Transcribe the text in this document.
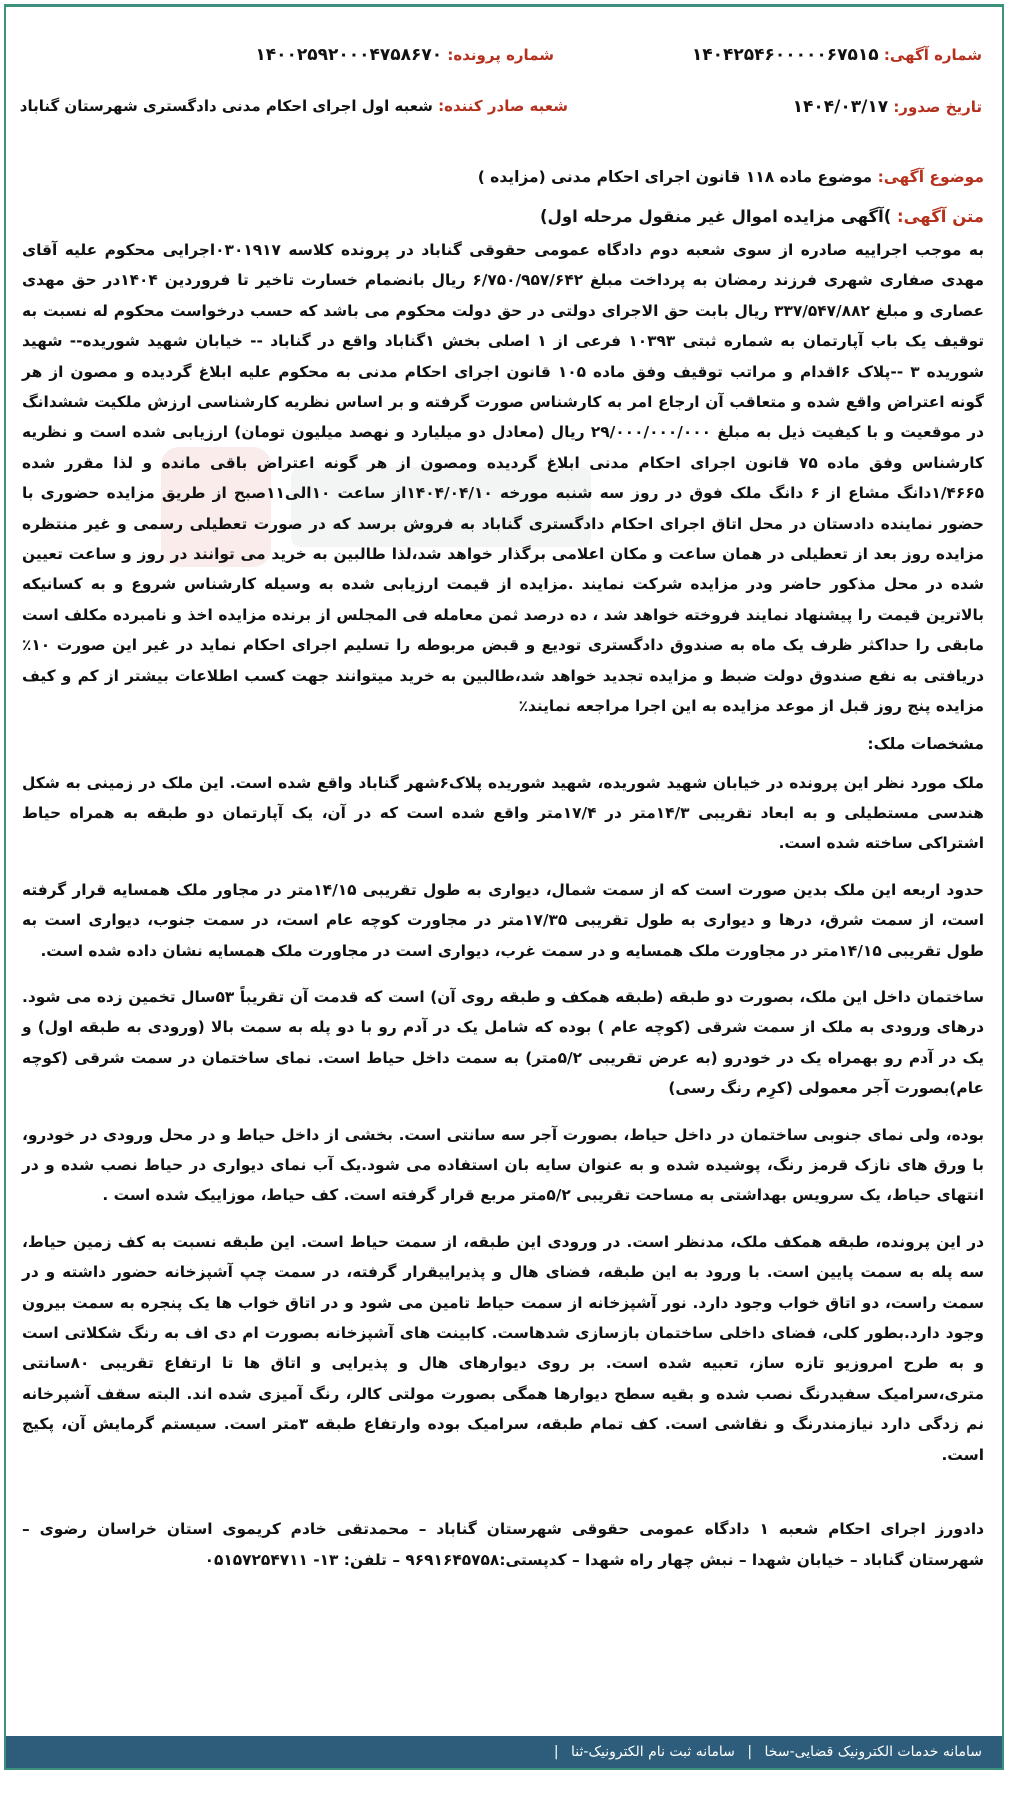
شماره آگهی: ۱۴۰۴۲۵۴۶۰۰۰۰۰۶۷۵۱۵
شماره پرونده: ۱۴۰۰۲۵۹۲۰۰۰۴۷۵۸۶۷۰
تاریخ صدور: ۱۴۰۴/۰۳/۱۷
شعبه صادر کننده: شعبه اول اجرای احکام مدنی دادگستری شهرستان گناباد
موضوع آگهی: موضوع ماده ۱۱۸ قانون اجرای احکام مدنی (مزایده )
متن آگهی: )آگهی مزایده اموال غیر منقول مرحله اول)

به موجب اجراییه صادره از سوی شعبه دوم دادگاه عمومی حقوقی گناباد در پرونده کلاسه ۰۳۰۱۹۱۷اجرایی محکوم علیه آقای مهدی صفاری شهری فرزند رمضان به پرداخت مبلغ ۶/۷۵۰/۹۵۷/۶۴۲ ریال بانضمام خسارت تاخیر تا فروردین ۱۴۰۴در حق مهدی عصاری و مبلغ ۳۳۷/۵۴۷/۸۸۲ ریال بابت حق الاجرای دولتی در حق دولت محکوم می باشد که حسب درخواست محکوم له نسبت به توقیف یک باب آپارتمان به شماره ثبتی ۱۰۳۹۳ فرعی از ۱ اصلی بخش ۱گناباد واقع در گناباد -- خیابان شهید شوریده-- شهید شوریده ۳ --پلاک ۶اقدام و مراتب توقیف وفق ماده ۱۰۵ قانون اجرای احکام مدنی به محکوم علیه ابلاغ گردیده و مصون از هر گونه اعتراض واقع شده و متعاقب آن ارجاع امر به کارشناس صورت گرفته و بر اساس نظریه کارشناسی ارزش ملکیت ششدانگ در موقعیت و با کیفیت ذیل به مبلغ ۲۹/۰۰۰/۰۰۰/۰۰۰ ریال (معادل دو میلیارد و نهصد میلیون تومان) ارزیابی شده است و نظریه کارشناس وفق ماده ۷۵ قانون اجرای احکام مدنی ابلاغ گردیده ومصون از هر گونه اعتراض باقی مانده و لذا مقرر شده ۱/۴۶۶۵دانگ مشاع از ۶ دانگ ملک فوق در روز سه شنبه مورخه ۱۴۰۴/۰۴/۱۰از ساعت ۱۰الی۱۱صبح از طریق مزایده حضوری با حضور نماینده دادستان در محل اتاق اجرای احکام دادگستری گناباد به فروش برسد که در صورت تعطیلی رسمی و غیر منتظره مزایده روز بعد از تعطیلی در همان ساعت و مکان اعلامی برگذار خواهد شد،لذا طالبین به خرید می توانند در روز و ساعت تعیین شده در محل مذکور حاضر ودر مزایده شرکت نمایند .مزایده از قیمت ارزیابی شده به وسیله کارشناس شروع و به کسانیکه بالاترین قیمت را پیشنهاد نمایند فروخته خواهد شد ، ده درصد ثمن معامله فی المجلس از برنده مزایده اخذ و نامبرده مکلف است مابقی را حداکثر ظرف یک ماه به صندوق دادگستری تودیع و قبض مربوطه را تسلیم اجرای احکام نماید در غیر این صورت ۱۰٪ دریافتی به نفع صندوق دولت ضبط و مزایده تجدید خواهد شد،طالبین به خرید میتوانند جهت کسب اطلاعات بیشتر از کم و کیف مزایده پنج روز قبل از موعد مزایده به این اجرا مراجعه نمایند٪

مشخصات ملک:

ملک مورد نظر این پرونده در خیابان شهید شوریده، شهید شوریده پلاک۶شهر گناباد واقع شده است. این ملک در زمینی به شکل هندسی مستطیلی و به ابعاد تقریبی ۱۴/۳متر در ۱۷/۴متر واقع شده است که در آن، یک آپارتمان دو طبقه به همراه حیاط اشتراکی ساخته شده است.

حدود اربعه این ملک بدین صورت است که از سمت شمال، دیواری به طول تقریبی ۱۴/۱۵متر در مجاور ملک همسایه قرار گرفته است، از سمت شرق، درها و دیواری به طول تقریبی ۱۷/۳۵متر در مجاورت کوچه عام است، در سمت جنوب، دیواری است به طول تقریبی ۱۴/۱۵متر در مجاورت ملک همسایه و در سمت غرب، دیواری است در مجاورت ملک همسایه نشان داده شده است.

ساختمان داخل این ملک، بصورت دو طبقه (طبقه همکف و طبقه روی آن) است که قدمت آن تقریباً ۵۳سال تخمین زده می شود. درهای ورودی به ملک از سمت شرقی (کوچه عام ) بوده که شامل یک در آدم رو با دو پله به سمت بالا (ورودی به طبقه اول) و یک در آدم رو بهمراه یک در خودرو (به عرض تقریبی ۵/۲متر) به سمت داخل حیاط است. نمای ساختمان در سمت شرقی (کوچه عام)بصورت آجر معمولی (کرِم رنگ رسی)

بوده، ولی نمای جنوبی ساختمان در داخل حیاط، بصورت آجر سه سانتی است. بخشی از داخل حیاط و در محل ورودی در خودرو، با ورق های نازک قرمز رنگ، پوشیده شده و به عنوان سایه بان استفاده می شود.یک آب نمای دیواری در حیاط نصب شده و در انتهای حیاط، یک سرویس بهداشتی به مساحت تقریبی ۵/۲متر مربع قرار گرفته است. کف حیاط، موزاییک شده است .

در این پرونده، طبقه همکف ملک، مدنظر است. در ورودی این طبقه، از سمت حیاط است. این طبقه نسبت به کف زمین حیاط، سه پله به سمت پایین است. با ورود به این طبقه، فضای هال و پذیراییقرار گرفته، در سمت چپ آشپزخانه حضور داشته و در سمت راست، دو اتاق خواب وجود دارد. نور آشپزخانه از سمت حیاط تامین می شود و در اتاق خواب ها یک پنجره به سمت بیرون وجود دارد.بطور کلی، فضای داخلی ساختمان بازسازی شدهاست. کابینت های آشپزخانه بصورت ام دی اف به رنگ شکلاتی است و به طرح امروزیو تازه ساز، تعبیه شده است. بر روی دیوارهای هال و پذیرایی و اتاق ها تا ارتفاع تقریبی ۸۰سانتی متری،سرامیک سفیدرنگ نصب شده و بقیه سطح دیوارها همگی بصورت مولتی کالر، رنگ آمیزی شده اند. البته سقف آشپرخانه نم زدگی دارد نیازمندرنگ و نقاشی است. کف تمام طبقه، سرامیک بوده وارتفاع طبقه ۳متر است. سیستم گرمایش آن، پکیج است.

دادورز اجرای احکام شعبه ۱ دادگاه عمومی حقوقی شهرستان گناباد – محمدتقی خادم کریموی استان خراسان رضوی – شهرستان گناباد – خیابان شهدا – نبش چهار راه شهدا – کدپستی:۹۶۹۱۶۴۵۷۵۸ – تلفن: ۱۳- ۰۵۱۵۷۲۵۴۷۱۱
سامانه خدمات الکترونیک قضایی-سخا | سامانه ثبت نام الکترونیک-ثنا |
